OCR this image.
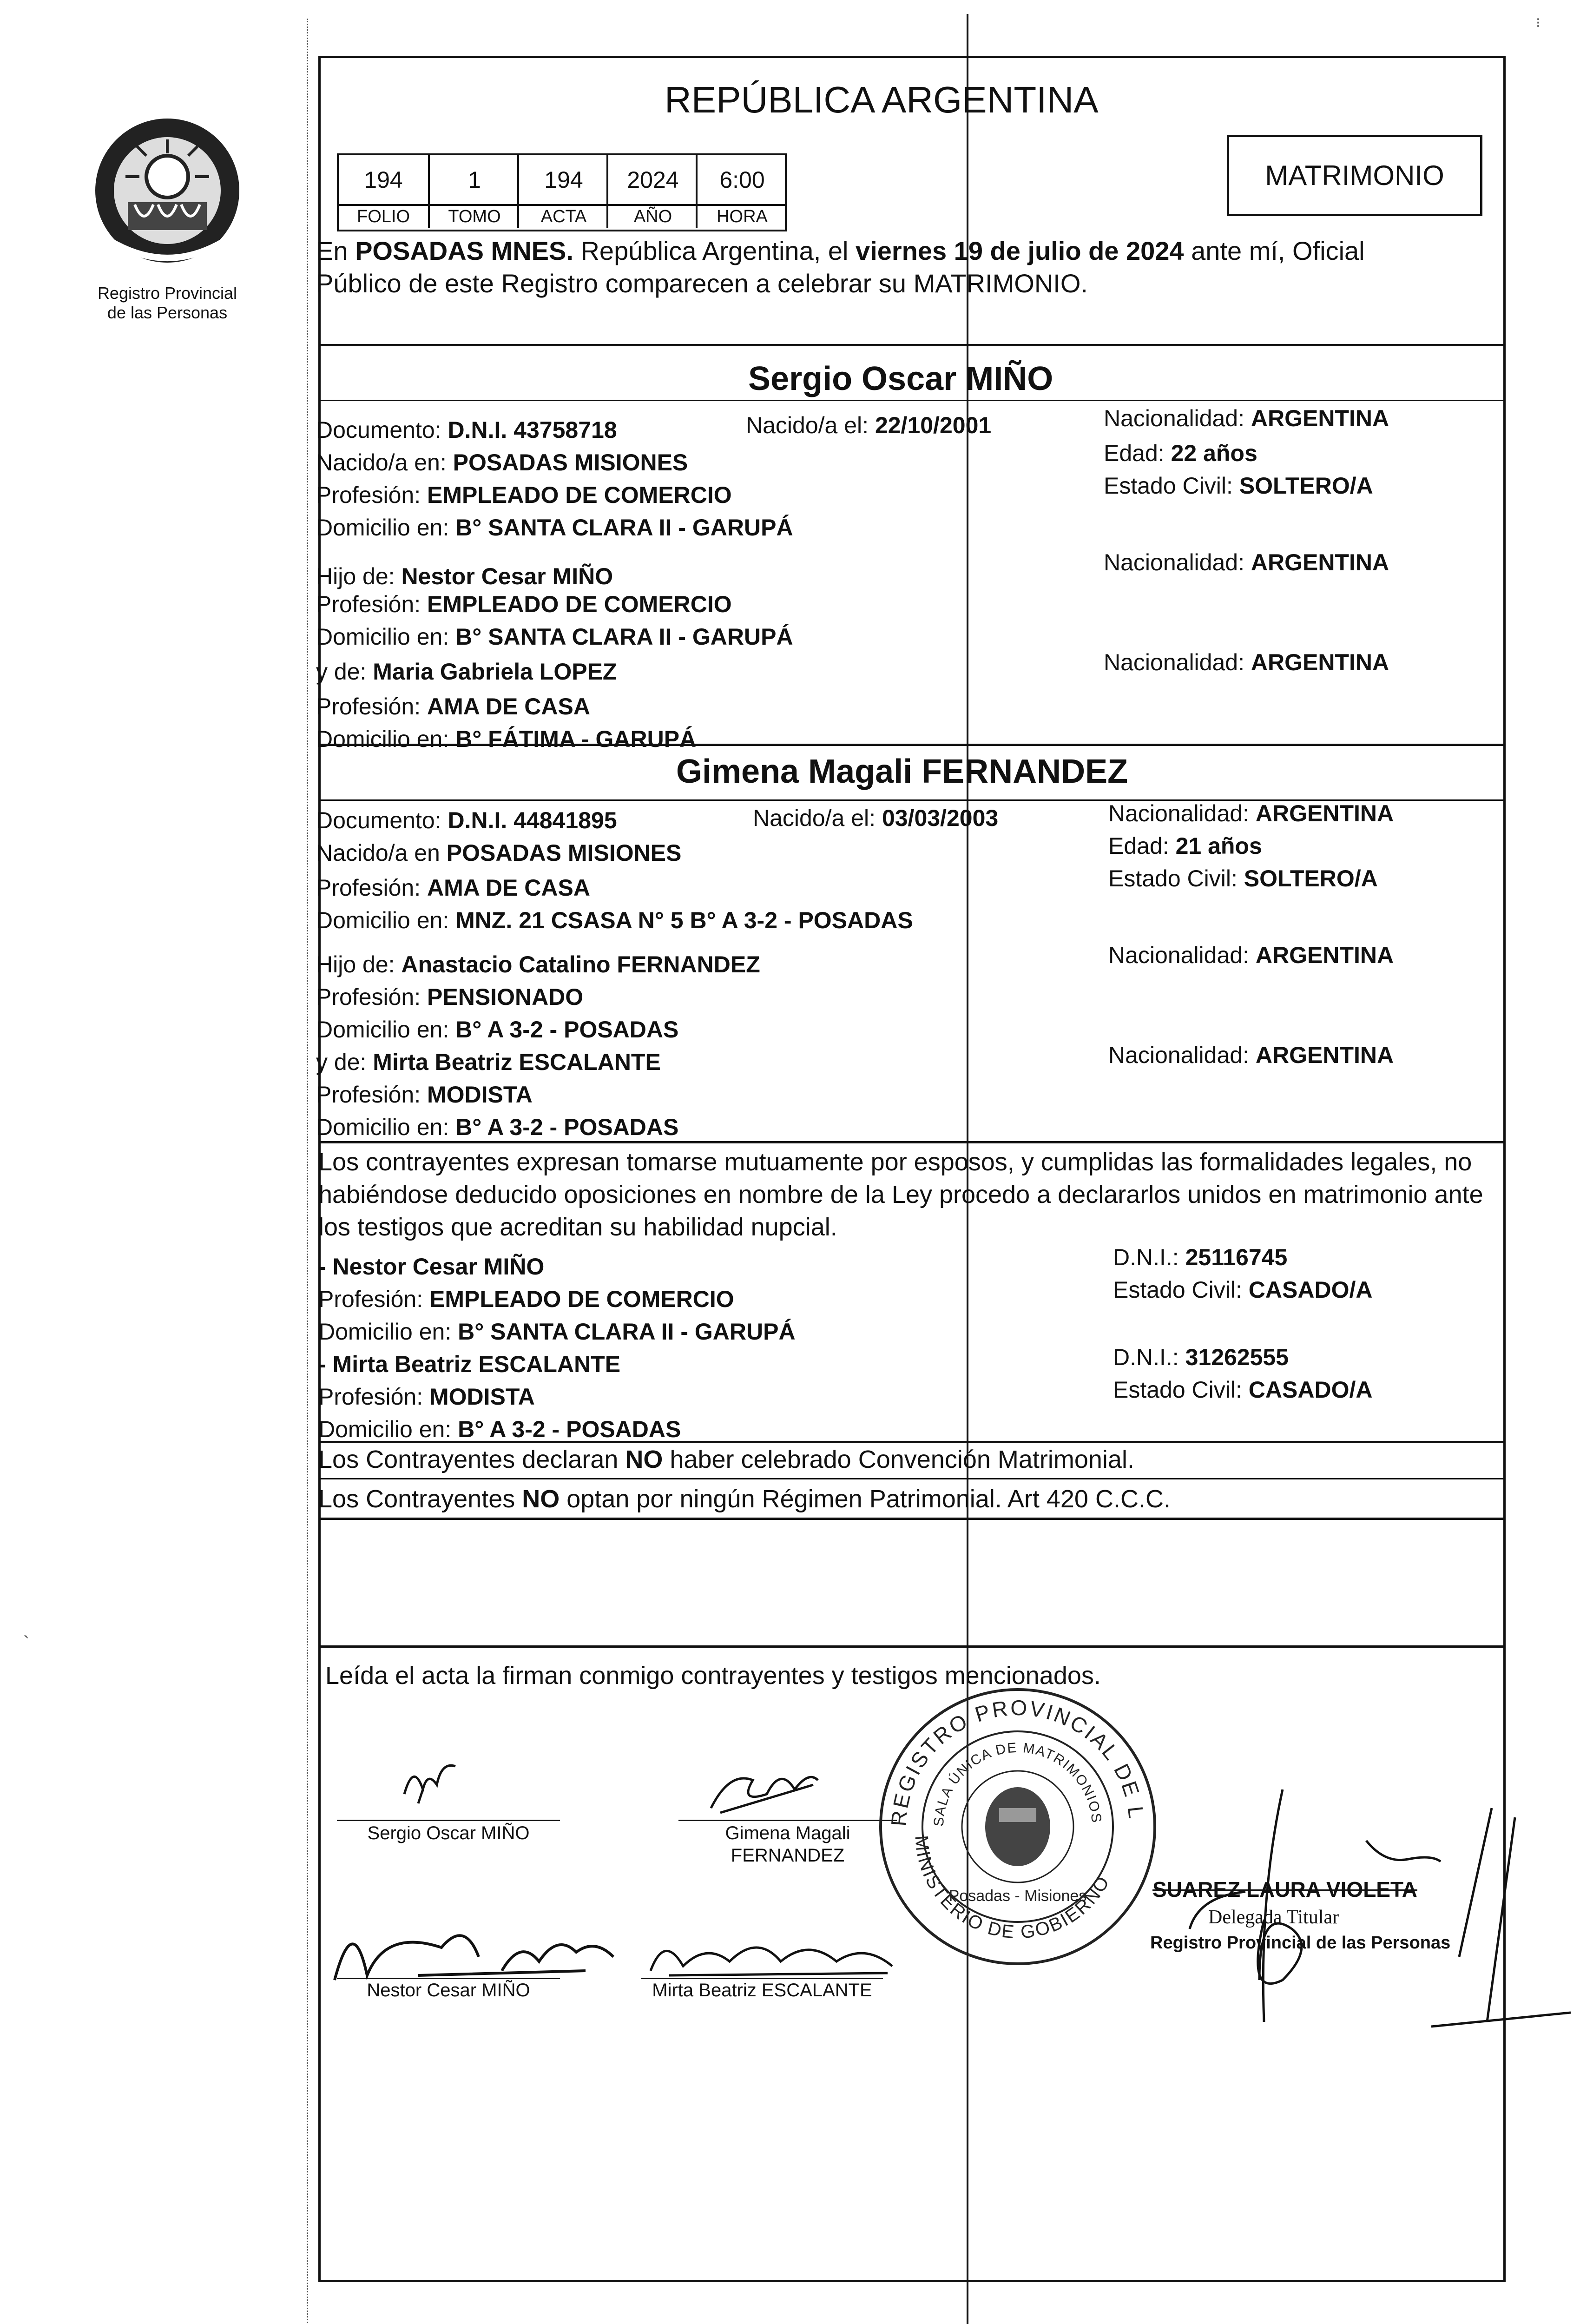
Registro Provincial
de las Personas
REPÚBLICA ARGENTINA
194	1	194	2024	6:00
FOLIO	TOMO	ACTA	AÑO	HORA
MATRIMONIO
En POSADAS MNES. República Argentina, el viernes 19 de julio de 2024 ante mí, Oficial
Público de este Registro comparecen a celebrar su MATRIMONIO.
Sergio Oscar MIÑO
Documento: D.N.I. 43758718	Nacido/a el: 22/10/2001	Nacionalidad: ARGENTINA
Nacido/a en: POSADAS MISIONES	Edad: 22 años
Profesión: EMPLEADO DE COMERCIO	Estado Civil: SOLTERO/A
Domicilio en: B° SANTA CLARA II - GARUPÁ
Hijo de: Nestor Cesar MIÑO
Nacionalidad: ARGENTINA
Profesión: EMPLEADO DE COMERCIO
Domicilio en: B° SANTA CLARA II - GARUPÁ
y de: Maria Gabriela LOPEZ	Nacionalidad: ARGENTINA
Profesión: AMA DE CASA
Domicilio en: B° FÁTIMA - GARUPÁ
Gimena Magali FERNANDEZ
Documento: D.N.I. 44841895	Nacido/a el: 03/03/2003	Nacionalidad: ARGENTINA
Nacido/a en POSADAS MISIONES	Edad: 21 años
Profesión: AMA DE CASA	Estado Civil: SOLTERO/A
Domicilio en: MNZ. 21 CSASA N° 5 B° A 3-2 - POSADAS
Hijo de: Anastacio Catalino FERNANDEZ	Nacionalidad: ARGENTINA
Profesión: PENSIONADO
Domicilio en: B° A 3-2 - POSADAS
y de: Mirta Beatriz ESCALANTE	Nacionalidad: ARGENTINA
Profesión: MODISTA
Domicilio en: B° A 3-2 - POSADAS
Los contrayentes expresan tomarse mutuamente por esposos, y cumplidas las formalidades legales, no
habiéndose deducido oposiciones en nombre de la Ley procedo a declararlos unidos en matrimonio ante
los testigos que acreditan su habilidad nupcial.
- Nestor Cesar MIÑO	D.N.I.: 25116745
Profesión: EMPLEADO DE COMERCIO	Estado Civil: CASADO/A
Domicilio en: B° SANTA CLARA II - GARUPÁ
- Mirta Beatriz ESCALANTE	D.N.I.: 31262555
Profesión: MODISTA	Estado Civil: CASADO/A
Domicilio en: B° A 3-2 - POSADAS
Los Contrayentes declaran NO haber celebrado Convención Matrimonial.
Los Contrayentes NO optan por ningún Régimen Patrimonial. Art 420 C.C.C.
Leída el acta la firman conmigo contrayentes y testigos mencionados.
Sergio Oscar MIÑO	Gimena Magali
FERNANDEZ
Nestor Cesar MIÑO	Mirta Beatriz ESCALANTE
REGISTRO PROVINCIAL DE L
MINISTERIO DE GOBIERNO
SALA ÚNICA DE MATRIMONIOS
Posadas - Misiones	SUAREZ LAURA VIOLETA
Delegada Titular
Registro Provincial de las Personas
⁝
`
